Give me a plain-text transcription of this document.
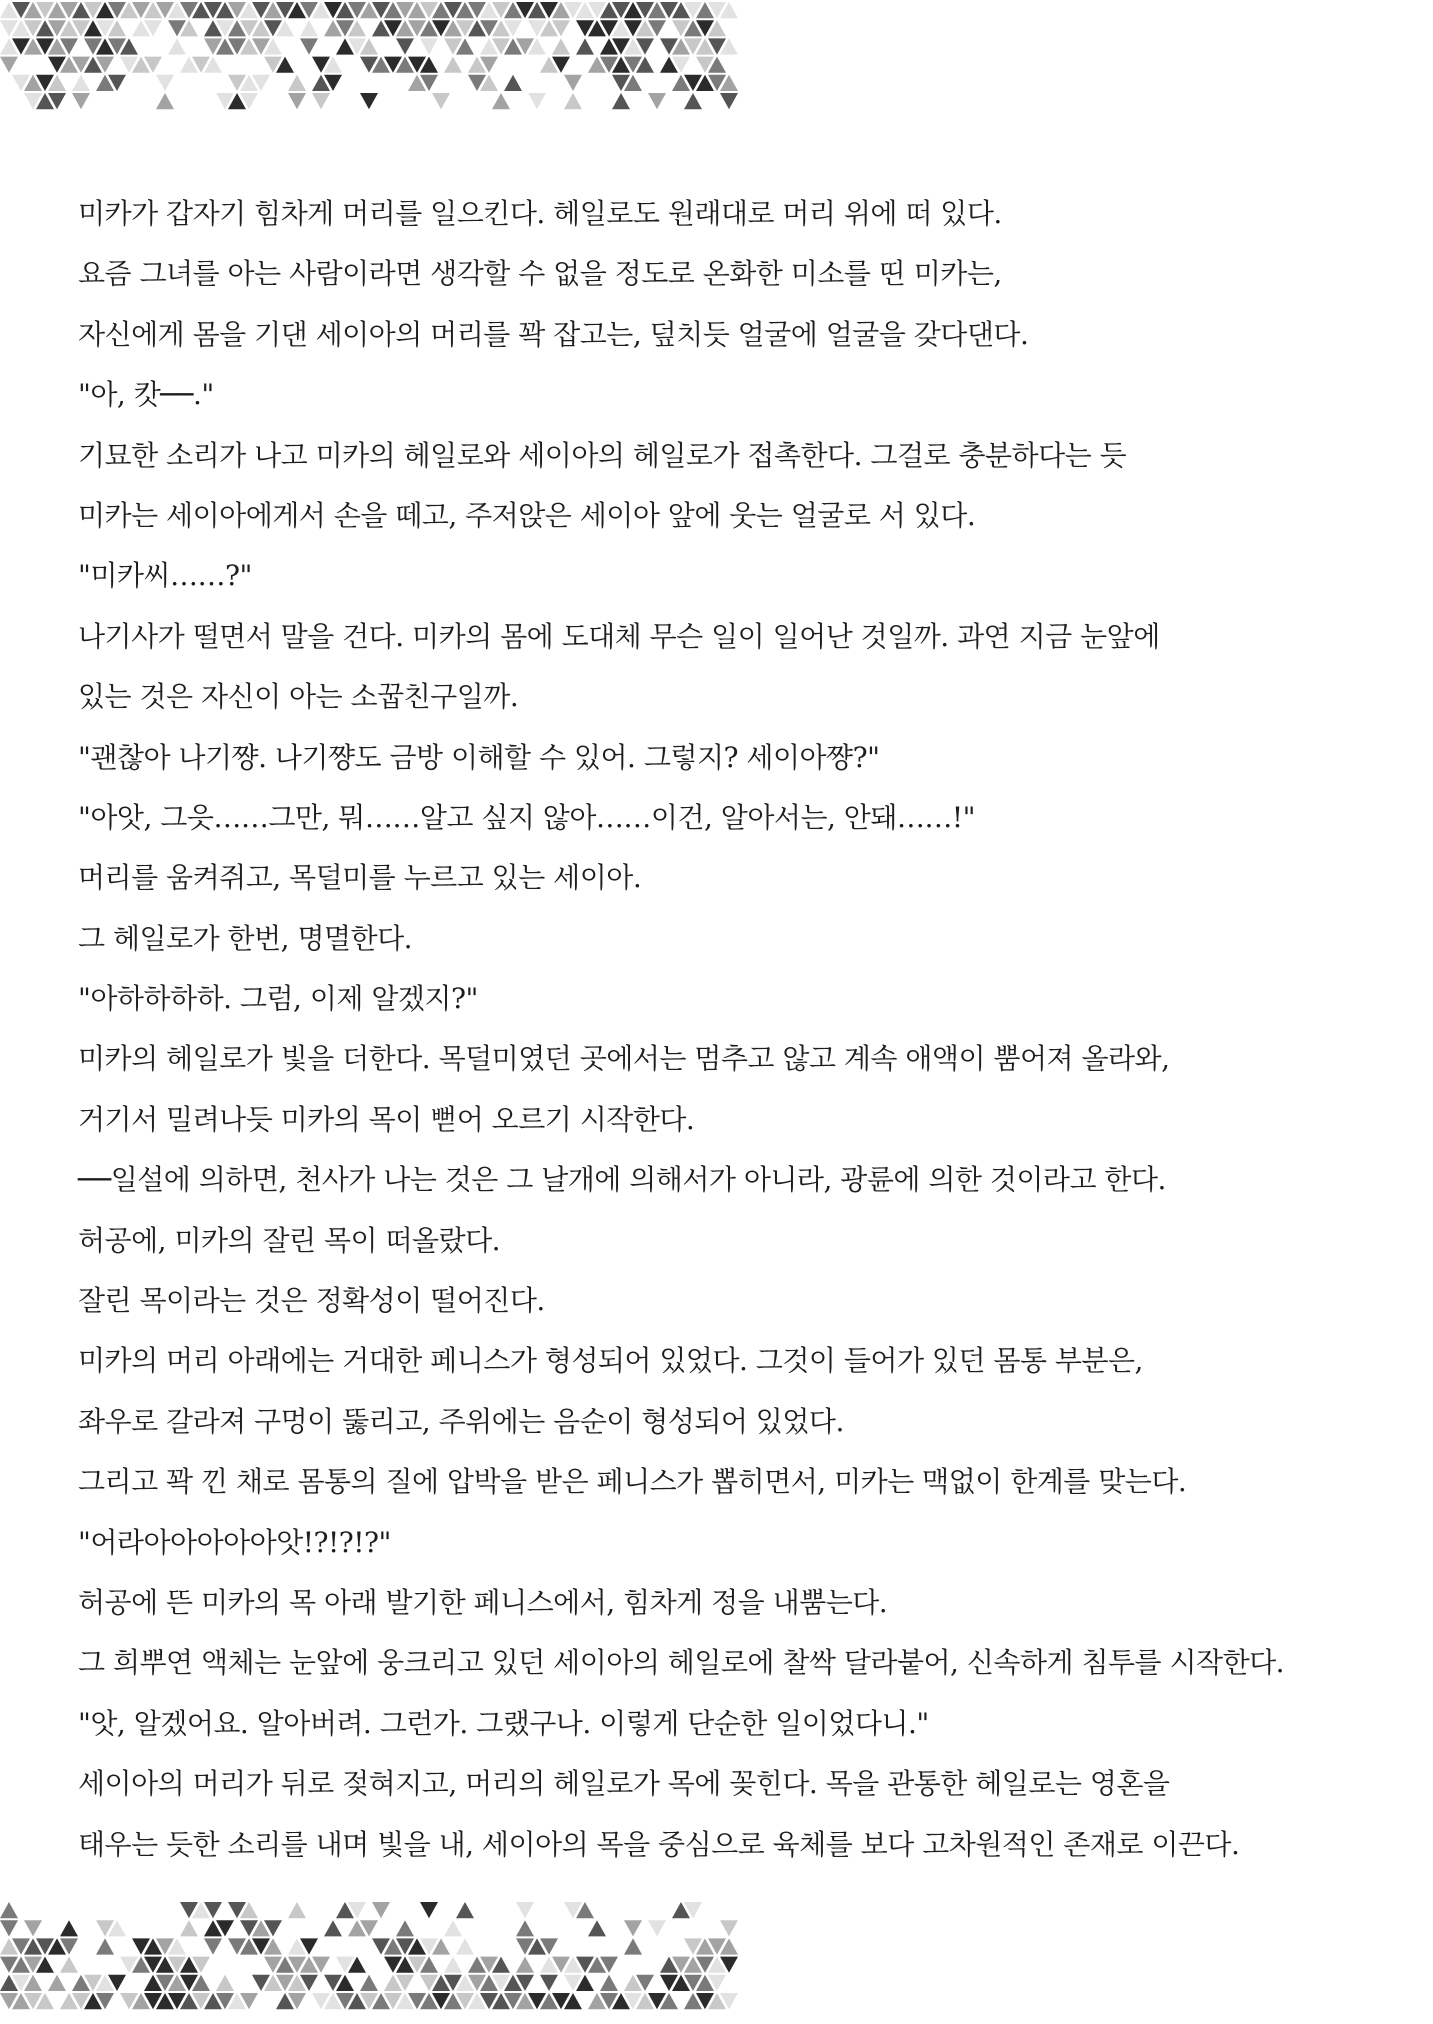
미카가 갑자기 힘차게 머리를 일으킨다. 헤일로도 원래대로 머리 위에 떠 있다.
요즘 그녀를 아는 사람이라면 생각할 수 없을 정도로 온화한 미소를 띤 미카는,
자신에게 몸을 기댄 세이아의 머리를 꽉 잡고는, 덮치듯 얼굴에 얼굴을 갖다댄다.
"아, 캇──."
기묘한 소리가 나고 미카의 헤일로와 세이아의 헤일로가 접촉한다. 그걸로 충분하다는 듯
미카는 세이아에게서 손을 떼고, 주저앉은 세이아 앞에 웃는 얼굴로 서 있다.
"미카씨……?"
나기사가 떨면서 말을 건다. 미카의 몸에 도대체 무슨 일이 일어난 것일까. 과연 지금 눈앞에
있는 것은 자신이 아는 소꿉친구일까.
"괜찮아 나기쨩. 나기쨩도 금방 이해할 수 있어. 그렇지? 세이아쨩?"
"아앗, 그읏……그만, 뭐……알고 싶지 않아……이건, 알아서는, 안돼……!"
머리를 움켜쥐고, 목덜미를 누르고 있는 세이아.
그 헤일로가 한번, 명멸한다.
"아하하하하. 그럼, 이제 알겠지?"
미카의 헤일로가 빛을 더한다. 목덜미였던 곳에서는 멈추고 않고 계속 애액이 뿜어져 올라와,
거기서 밀려나듯 미카의 목이 뻗어 오르기 시작한다.
──일설에 의하면, 천사가 나는 것은 그 날개에 의해서가 아니라, 광륜에 의한 것이라고 한다.
허공에, 미카의 잘린 목이 떠올랐다.
잘린 목이라는 것은 정확성이 떨어진다.
미카의 머리 아래에는 거대한 페니스가 형성되어 있었다. 그것이 들어가 있던 몸통 부분은,
좌우로 갈라져 구멍이 뚫리고, 주위에는 음순이 형성되어 있었다.
그리고 꽉 낀 채로 몸통의 질에 압박을 받은 페니스가 뽑히면서, 미카는 맥없이 한계를 맞는다.
"어라아아아아아앗!?!?!?"
허공에 뜬 미카의 목 아래 발기한 페니스에서, 힘차게 정을 내뿜는다.
그 희뿌연 액체는 눈앞에 웅크리고 있던 세이아의 헤일로에 찰싹 달라붙어, 신속하게 침투를 시작한다.
"앗, 알겠어요. 알아버려. 그런가. 그랬구나. 이렇게 단순한 일이었다니."
세이아의 머리가 뒤로 젖혀지고, 머리의 헤일로가 목에 꽂힌다. 목을 관통한 헤일로는 영혼을
태우는 듯한 소리를 내며 빛을 내, 세이아의 목을 중심으로 육체를 보다 고차원적인 존재로 이끈다.
